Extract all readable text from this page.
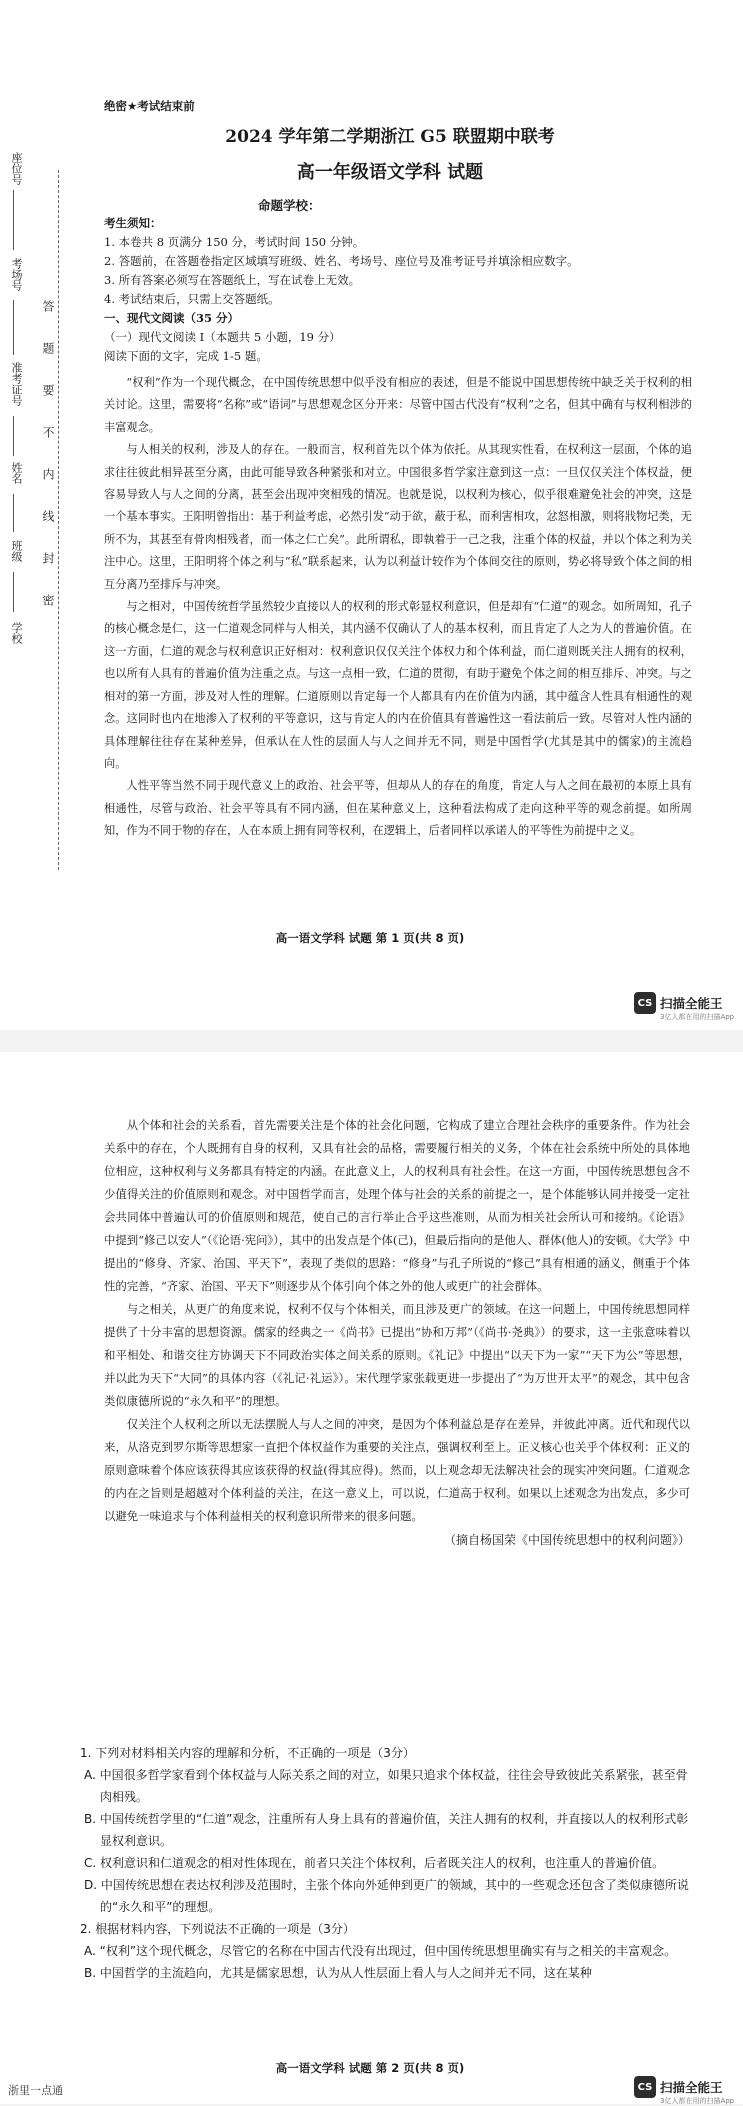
座位号
考场号
准考证号
姓名
班级
学校
答
题
要
不
内
线
封
密
绝密★考试结束前
2024 学年第二学期浙江 G5 联盟期中联考
高一年级语文学科 试题
命题学校：
考生须知：
1. 本卷共 8 页满分 150 分，考试时间 150 分钟。
2. 答题前，在答题卷指定区域填写班级、姓名、考场号、座位号及准考证号并填涂相应数字。
3. 所有答案必须写在答题纸上，写在试卷上无效。
4. 考试结束后，只需上交答题纸。
一、现代文阅读（35 分）
（一）现代文阅读 I（本题共 5 小题，19 分）
阅读下面的文字，完成 1-5 题。

“权利”作为一个现代概念，在中国传统思想中似乎没有相应的表述，但是不能说中国思想传统中缺乏关于权利的相关讨论。这里，需要将“名称”或“语词”与思想观念区分开来：尽管中国古代没有“权利”之名，但其中确有与权利相涉的丰富观念。

与人相关的权利，涉及人的存在。一般而言，权利首先以个体为依托。从其现实性看，在权利这一层面，个体的追求往往彼此相异甚至分离，由此可能导致各种紧张和对立。中国很多哲学家注意到这一点：一旦仅仅关注个体权益，便容易导致人与人之间的分离，甚至会出现冲突相残的情况。也就是说，以权利为核心，似乎很难避免社会的冲突，这是一个基本事实。王阳明曾指出：基于利益考虑，必然引发“动于欲，蔽于私，而利害相攻，忿怒相激，则将戕物圮类，无所不为，其甚至有骨肉相残者，而一体之仁亡矣”。此所谓私，即執着于一己之我，注重个体的权益，并以个体之利为关注中心。这里，王阳明将个体之利与“私”联系起来，认为以利益计较作为个体间交往的原则，势必将导致个体之间的相互分离乃至排斥与冲突。

与之相对，中国传统哲学虽然较少直接以人的权利的形式彰显权利意识，但是却有“仁道”的观念。如所周知，孔子的核心概念是仁，这一仁道观念同样与人相关，其内涵不仅确认了人的基本权利，而且肯定了人之为人的普遍价值。在这一方面，仁道的观念与权利意识正好相对：权利意识仅仅关注个体权力和个体利益，而仁道则既关注人拥有的权利，也以所有人具有的普遍价值为注重之点。与这一点相一致，仁道的贯彻，有助于避免个体之间的相互排斥、冲突。与之相对的第一方面，涉及对人性的理解。仁道原则以肯定每一个人都具有内在价值为内涵，其中蕴含人性具有相通性的观念。这同时也内在地渗入了权利的平等意识，这与肯定人的内在价值具有普遍性这一看法前后一致。尽管对人性内涵的具体理解往往存在某种差异，但承认在人性的层面人与人之间并无不同，则是中国哲学(尤其是其中的儒家)的主流趋向。

人性平等当然不同于现代意义上的政治、社会平等，但却从人的存在的角度，肯定人与人之间在最初的本原上具有相通性，尽管与政治、社会平等具有不同内涵，但在某种意义上，这种看法构成了走向这种平等的观念前提。如所周知，作为不同于物的存在，人在本质上拥有同等权利，在逻辑上，后者同样以承诺人的平等性为前提中之义。

高一语文学科 试题 第 1 页(共 8 页)
CS 扫描全能王
3亿人都在用的扫描App

从个体和社会的关系看，首先需要关注是个体的社会化问题，它构成了建立合理社会秩序的重要条件。作为社会关系中的存在，个人既拥有自身的权利，又具有社会的品格，需要履行相关的义务，个体在社会系统中所处的具体地位相应，这种权利与义务都具有特定的内涵。在此意义上，人的权利具有社会性。在这一方面，中国传统思想包含不少值得关注的价值原则和观念。对中国哲学而言，处理个体与社会的关系的前提之一，是个体能够认同并接受一定社会共同体中普遍认可的价值原则和规范，使自己的言行举止合乎这些准则，从而为相关社会所认可和接纳。《论语》中提到“修己以安人”（《论语·宪问》），其中的出发点是个体(己)，但最后指向的是他人、群体(他人)的安顿。《大学》中提出的“修身、齐家、治国、平天下”，表现了类似的思路：“修身”与孔子所说的“修己”具有相通的涵义，侧重于个体性的完善，“齐家、治国、平天下”则逐步从个体引向个体之外的他人或更广的社会群体。

与之相关，从更广的角度来说，权利不仅与个体相关，而且涉及更广的领域。在这一问题上，中国传统思想同样提供了十分丰富的思想资源。儒家的经典之一《尚书》已提出“协和万邦”（《尚书·尧典》）的要求，这一主张意味着以和平相处、和谐交往方协调天下不同政治实体之间关系的原则。《礼记》中提出“以天下为一家”“天下为公”等思想，并以此为天下“大同”的具体内容（《礼记·礼运》）。宋代理学家张载更进一步提出了“为万世开太平”的观念，其中包含类似康德所说的“永久和平”的理想。

仅关注个人权利之所以无法摆脱人与人之间的冲突，是因为个体利益总是存在差异，并彼此冲离。近代和现代以来，从洛克到罗尔斯等思想家一直把个体权益作为重要的关注点，强调权利至上。正义核心也关乎个体权利：正义的原则意味着个体应该获得其应该获得的权益(得其应得)。然而，以上观念却无法解决社会的现实冲突问题。仁道观念的内在之旨则是超越对个体利益的关注，在这一意义上，可以说，仁道高于权利。如果以上述观念为出发点，多少可以避免一味追求与个体利益相关的权利意识所带来的很多问题。

（摘自杨国荣《中国传统思想中的权利问题》）
1. 下列对材料相关内容的理解和分析，不正确的一项是（3分）
A. 中国很多哲学家看到个体权益与人际关系之间的对立，如果只追求个体权益，往往会导致彼此关系紧张，甚至骨肉相残。
B. 中国传统哲学里的“仁道”观念，注重所有人身上具有的普遍价值，关注人拥有的权利，并直接以人的权利形式彰显权利意识。
C. 权利意识和仁道观念的相对性体现在，前者只关注个体权利，后者既关注人的权利，也注重人的普遍价值。
D. 中国传统思想在表达权利涉及范围时，主张个体向外延伸到更广的领域，其中的一些观念还包含了类似康德所说的“永久和平”的理想。
2. 根据材料内容，下列说法不正确的一项是（3分）
A. “权利”这个现代概念，尽管它的名称在中国古代没有出现过，但中国传统思想里确实有与之相关的丰富观念。
B. 中国哲学的主流趋向，尤其是儒家思想，认为从人性层面上看人与人之间并无不同，这在某种
高一语文学科 试题 第 2 页(共 8 页)
浙里一点通	CS 扫描全能王
3亿人都在用的扫描App
